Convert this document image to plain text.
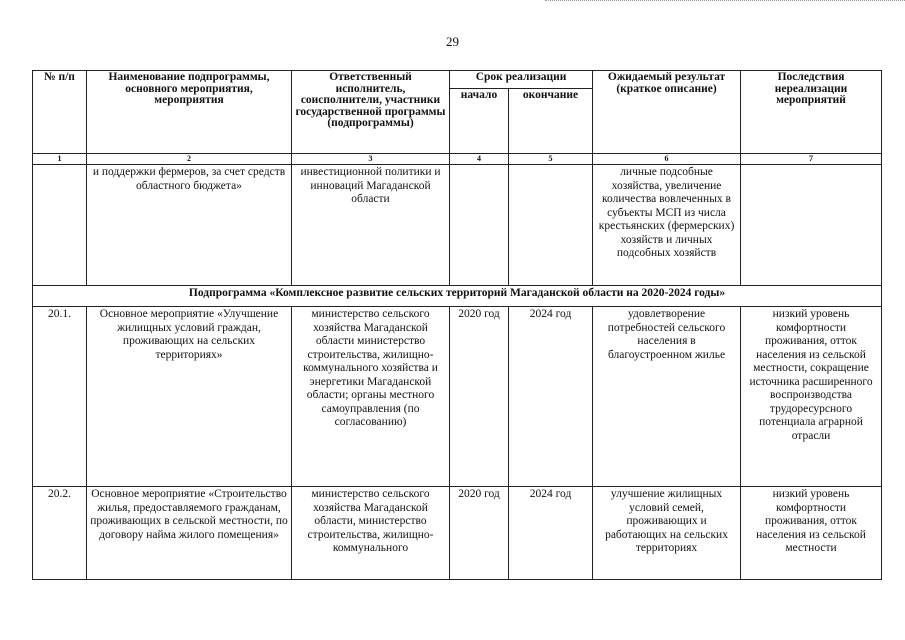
29
№ п/п	Наименование подпрограммы, основного мероприятия, мероприятия	Ответственный исполнитель, соисполнители, участники государственной программы (подпрограммы)	Срок реализации		Ожидаемый результат (краткое описание)	Последствия нереализации мероприятий
			начало	окончание		
1	2	3	4	5	6	7
	и поддержки фермеров, за счет средств областного бюджета»	инвестиционной политики и инноваций Магаданской области			личные подсобные хозяйства, увеличение количества вовлеченных в субъекты МСП из числа крестьянских (фермерских) хозяйств и личных подсобных хозяйств	
Подпрограмма «Комплексное развитие сельских территорий Магаданской области на 2020-2024 годы»						
20.1.	Основное мероприятие «Улучшение жилищных условий граждан, проживающих на сельских территориях»	министерство сельского хозяйства Магаданской области министерство строительства, жилищно-коммунального хозяйства и энергетики Магаданской области; органы местного самоуправления (по согласованию)	2020 год	2024 год	удовлетворение потребностей сельского населения в благоустроенном жилье	низкий уровень комфортности проживания, отток населения из сельской местности, сокращение источника расширенного воспроизводства трудоресурсного потенциала аграрной отрасли
20.2.	Основное мероприятие «Строительство жилья, предоставляемого гражданам, проживающих в сельской местности, по договору найма жилого помещения»	министерство сельского хозяйства Магаданской области, министерство строительства, жилищно-коммунального	2020 год	2024 год	улучшение жилищных условий семей, проживающих и работающих на сельских территориях	низкий уровень комфортности проживания, отток населения из сельской местности
